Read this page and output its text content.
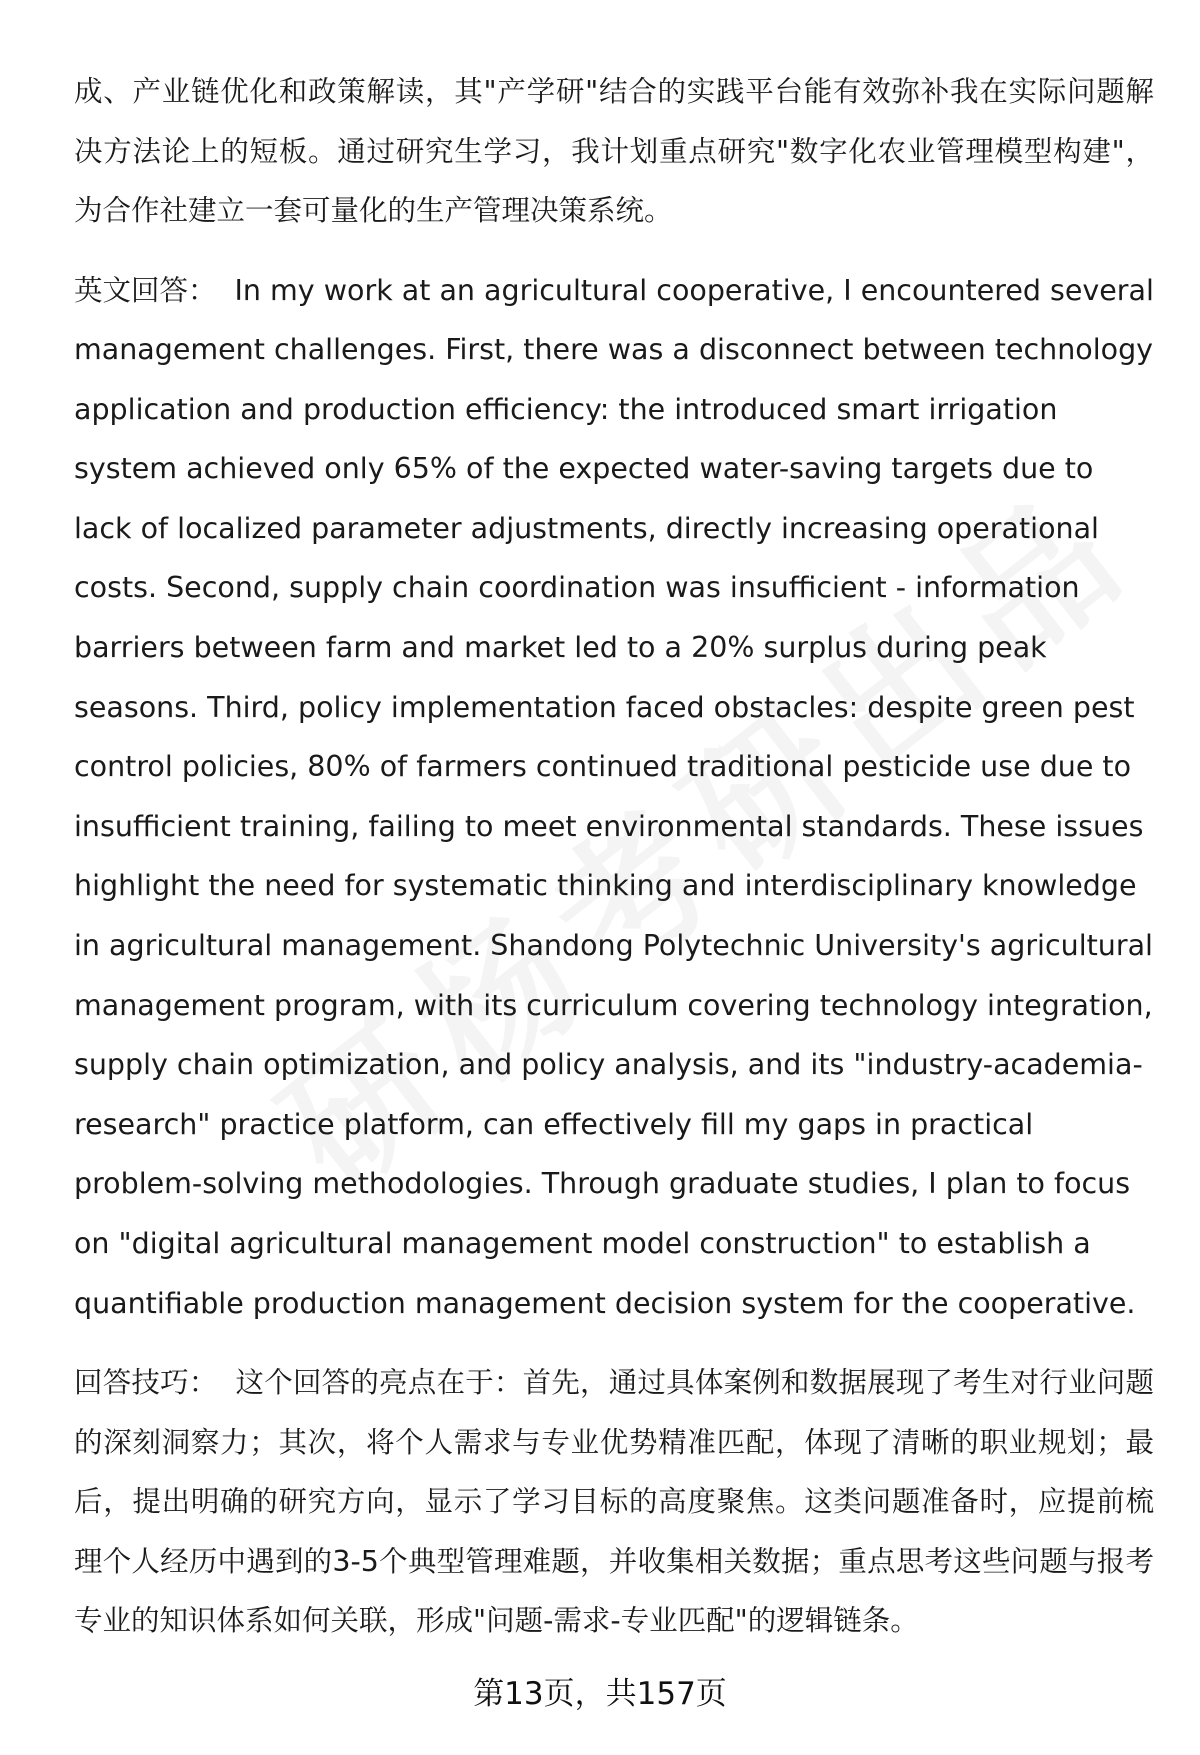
成、产业链优化和政策解读，其"产学研"结合的实践平台能有效弥补我在实际问题解决方法论上的短板。通过研究生学习，我计划重点研究"数字化农业管理模型构建"，为合作社建立一套可量化的生产管理决策系统。

英文回答： In my work at an agricultural cooperative, I encountered several management challenges. First, there was a disconnect between technology application and production efficiency: the introduced smart irrigation system achieved only 65% of the expected water-saving targets due to lack of localized parameter adjustments, directly increasing operational costs. Second, supply chain coordination was insufficient - information barriers between farm and market led to a 20% surplus during peak seasons. Third, policy implementation faced obstacles: despite green pest control policies, 80% of farmers continued traditional pesticide use due to insufficient training, failing to meet environmental standards. These issues highlight the need for systematic thinking and interdisciplinary knowledge in agricultural management. Shandong Polytechnic University's agricultural management program, with its curriculum covering technology integration, supply chain optimization, and policy analysis, and its "industry-academia-research" practice platform, can effectively fill my gaps in practical problem-solving methodologies. Through graduate studies, I plan to focus on "digital agricultural management model construction" to establish a quantifiable production management decision system for the cooperative.

回答技巧： 这个回答的亮点在于：首先，通过具体案例和数据展现了考生对行业问题的深刻洞察力；其次，将个人需求与专业优势精准匹配，体现了清晰的职业规划；最后，提出明确的研究方向，显示了学习目标的高度聚焦。这类问题准备时，应提前梳理个人经历中遇到的3-5个典型管理难题，并收集相关数据；重点思考这些问题与报考专业的知识体系如何关联，形成"问题-需求-专业匹配"的逻辑链条。

第13页，共157页
